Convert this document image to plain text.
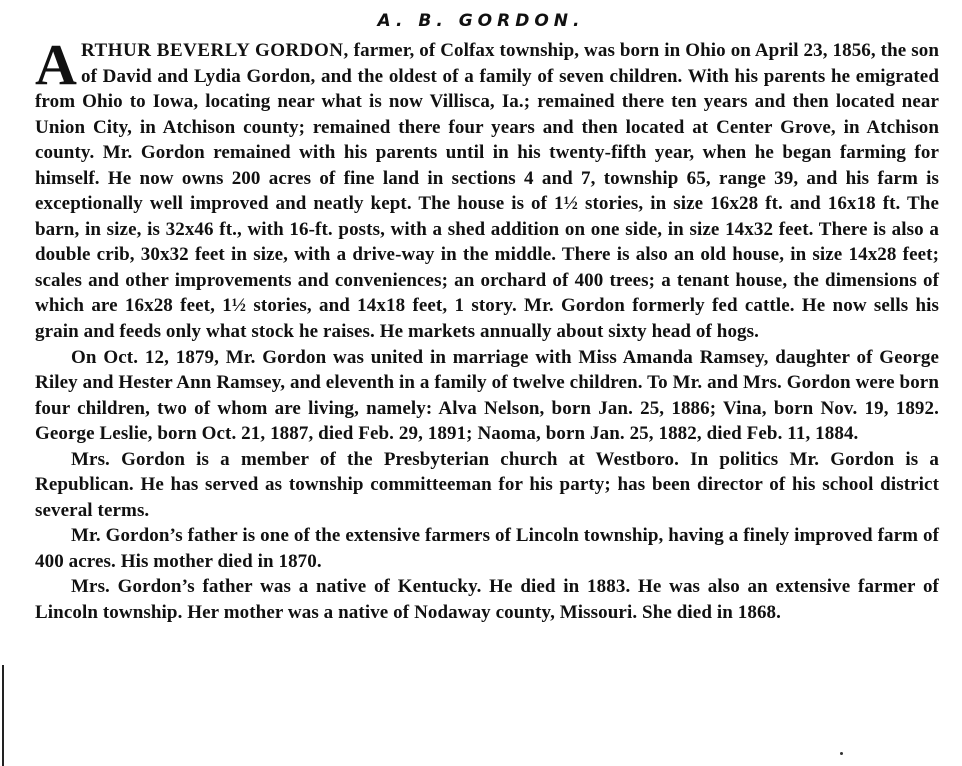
A. B. GORDON.

ARTHUR BEVERLY GORDON, farmer, of Colfax township, was born in Ohio on April 23, 1856, the son of David and Lydia Gordon, and the oldest of a family of seven children. With his parents he emigrated from Ohio to Iowa, locating near what is now Villisca, Ia.; remained there ten years and then located near Union City, in Atchison county; remained there four years and then located at Center Grove, in Atchison county. Mr. Gordon remained with his parents until in his twenty-fifth year, when he began farming for himself. He now owns 200 acres of fine land in sections 4 and 7, township 65, range 39, and his farm is exceptionally well improved and neatly kept. The house is of 1½ stories, in size 16x28 ft. and 16x18 ft. The barn, in size, is 32x46 ft., with 16-ft. posts, with a shed addition on one side, in size 14x32 feet. There is also a double crib, 30x32 feet in size, with a drive-way in the middle. There is also an old house, in size 14x28 feet; scales and other improvements and conveniences; an orchard of 400 trees; a tenant house, the dimensions of which are 16x28 feet, 1½ stories, and 14x18 feet, 1 story. Mr. Gordon formerly fed cattle. He now sells his grain and feeds only what stock he raises. He markets annually about sixty head of hogs.

On Oct. 12, 1879, Mr. Gordon was united in marriage with Miss Amanda Ramsey, daughter of George Riley and Hester Ann Ramsey, and eleventh in a family of twelve children. To Mr. and Mrs. Gordon were born four children, two of whom are living, namely: Alva Nelson, born Jan. 25, 1886; Vina, born Nov. 19, 1892. George Leslie, born Oct. 21, 1887, died Feb. 29, 1891; Naoma, born Jan. 25, 1882, died Feb. 11, 1884.

Mrs. Gordon is a member of the Presbyterian church at Westboro. In politics Mr. Gordon is a Republican. He has served as township committeeman for his party; has been director of his school district several terms.

Mr. Gordon’s father is one of the extensive farmers of Lincoln township, having a finely improved farm of 400 acres. His mother died in 1870.

Mrs. Gordon’s father was a native of Kentucky. He died in 1883. He was also an extensive farmer of Lincoln township. Her mother was a native of Nodaway county, Missouri. She died in 1868.
